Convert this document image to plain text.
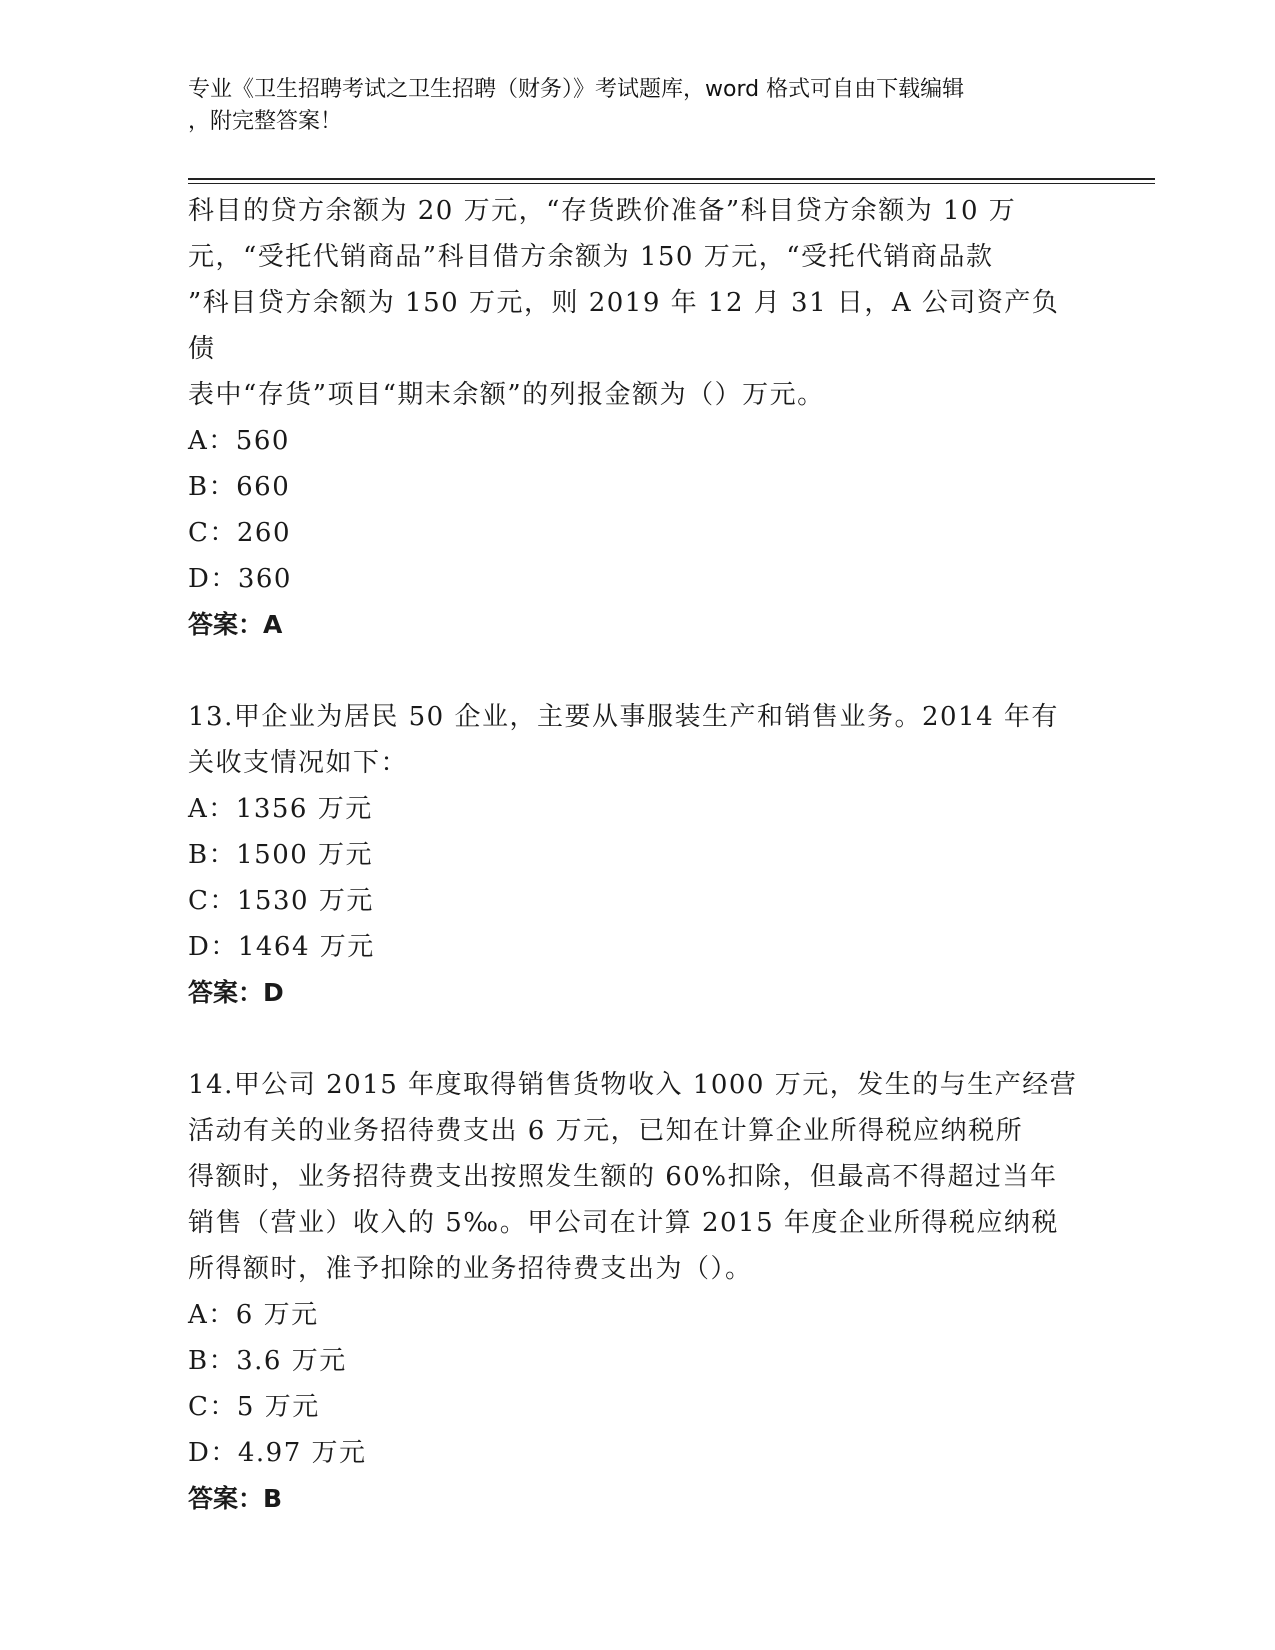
专业《卫生招聘考试之卫生招聘（财务）》考试题库，word 格式可自由下载编辑
，附完整答案！

科目的贷方余额为 20 万元，“存货跌价准备”科目贷方余额为 10 万

元，“受托代销商品”科目借方余额为 150 万元，“受托代销商品款

”科目贷方余额为 150 万元，则 2019 年 12 月 31 日，A 公司资产负债

表中“存货”项目“期末余额”的列报金额为（）万元。

A：560

B：660

C：260

D：360

答案：A

13.甲企业为居民 50 企业，主要从事服装生产和销售业务。2014 年有

关收支情况如下：

A：1356 万元

B：1500 万元

C：1530 万元

D：1464 万元

答案：D

14.甲公司 2015 年度取得销售货物收入 1000 万元，发生的与生产经营

活动有关的业务招待费支出 6 万元，已知在计算企业所得税应纳税所

得额时，业务招待费支出按照发生额的 60%扣除，但最高不得超过当年

销售（营业）收入的 5‰。甲公司在计算 2015 年度企业所得税应纳税

所得额时，准予扣除的业务招待费支出为（）。

A：6 万元

B：3.6 万元

C：5 万元

D：4.97 万元

答案：B
